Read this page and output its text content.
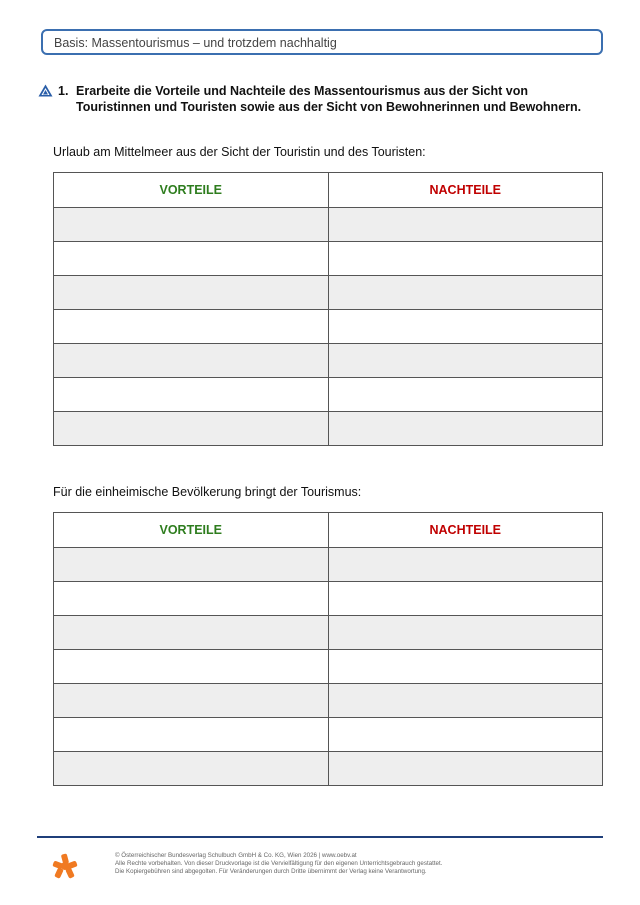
Basis: Massentourismus – und trotzdem nachhaltig
1. Erarbeite die Vorteile und Nachteile des Massentourismus aus der Sicht von
Touristinnen und Touristen sowie aus der Sicht von Bewohnerinnen und Bewohnern.
Urlaub am Mittelmeer aus der Sicht der Touristin und des Touristen:
VORTEILE	NACHTEILE
Für die einheimische Bevölkerung bringt der Tourismus:
VORTEILE	NACHTEILE
© Österreichischer Bundesverlag Schulbuch GmbH & Co. KG, Wien 2026 | www.oebv.at
Alle Rechte vorbehalten. Von dieser Druckvorlage ist die Vervielfältigung für den eigenen Unterrichtsgebrauch gestattet.
Die Kopiergebühren sind abgegolten. Für Veränderungen durch Dritte übernimmt der Verlag keine Verantwortung.
